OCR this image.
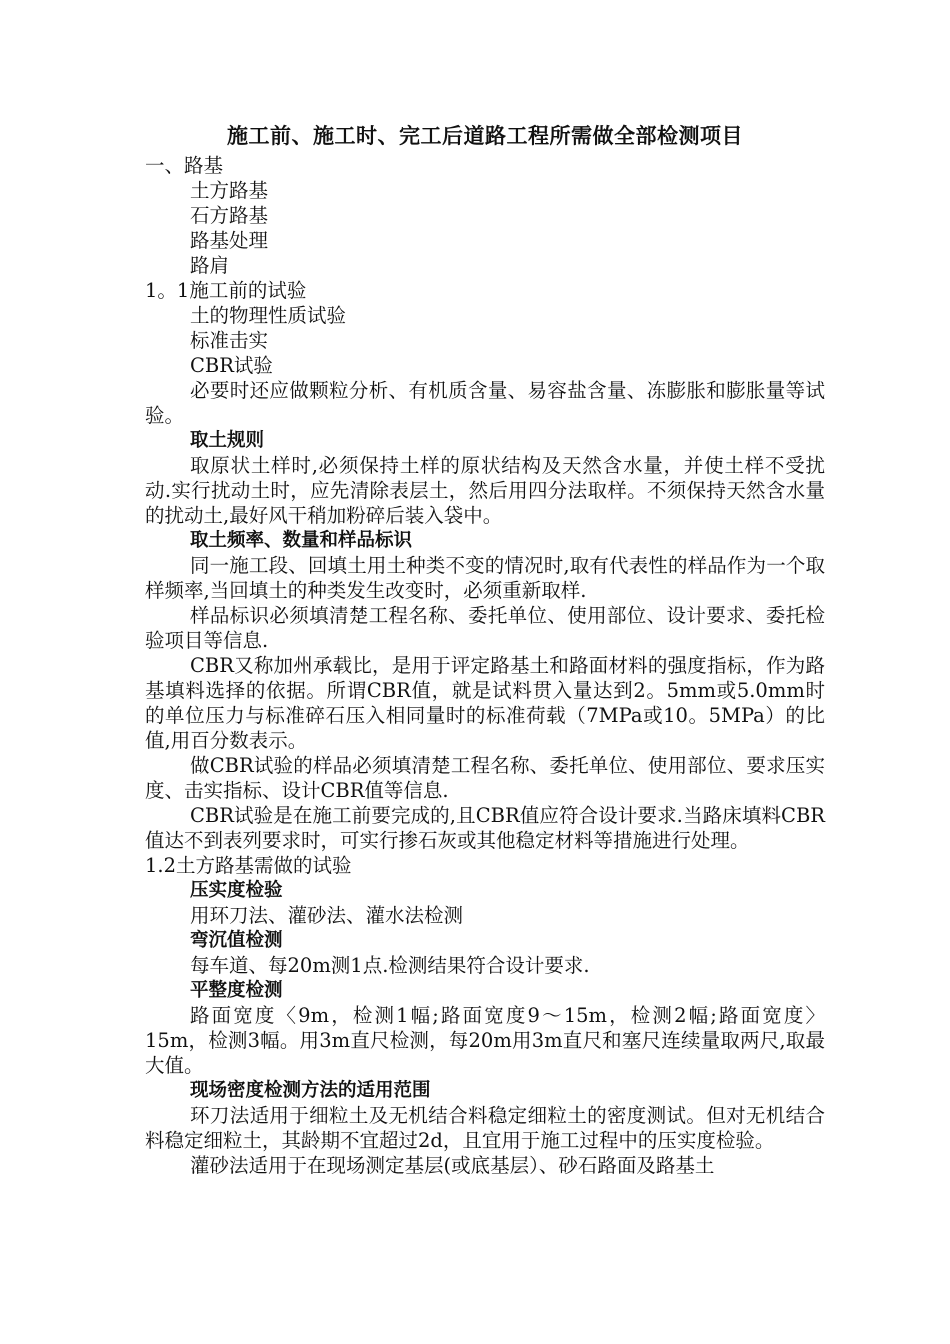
施工前、施工时、完工后道路工程所需做全部检测项目

一、路基

土方路基

石方路基

路基处理

路肩

1。1施工前的试验

土的物理性质试验

标准击实

CBR试验

必要时还应做颗粒分析、有机质含量、易容盐含量、冻膨胀和膨胀量等试验。

取土规则

取原状土样时,必须保持土样的原状结构及天然含水量，并使土样不受扰动.实行扰动土时，应先清除表层土，然后用四分法取样。不须保持天然含水量的扰动土,最好风干稍加粉碎后装入袋中。

取土频率、数量和样品标识

同一施工段、回填土用土种类不变的情况时,取有代表性的样品作为一个取样频率,当回填土的种类发生改变时，必须重新取样.

样品标识必须填清楚工程名称、委托单位、使用部位、设计要求、委托检验项目等信息.

CBR又称加州承载比，是用于评定路基土和路面材料的强度指标，作为路基填料选择的依据。所谓CBR值，就是试料贯入量达到2。5mm或5.0mm时的单位压力与标准碎石压入相同量时的标准荷载（7MPa或10。5MPa）的比值,用百分数表示。

做CBR试验的样品必须填清楚工程名称、委托单位、使用部位、要求压实度、击实指标、设计CBR值等信息.

CBR试验是在施工前要完成的,且CBR值应符合设计要求.当路床填料CBR值达不到表列要求时，可实行掺石灰或其他稳定材料等措施进行处理。

1.2土方路基需做的试验

压实度检验

用环刀法、灌砂法、灌水法检测

弯沉值检测

每车道、每20m测1点.检测结果符合设计要求.

平整度检测

路面宽度〈9m，检测1幅;路面宽度9～15m，检测2幅;路面宽度〉15m，检测3幅。用3m直尺检测，每20m用3m直尺和塞尺连续量取两尺,取最大值。

现场密度检测方法的适用范围

环刀法适用于细粒土及无机结合料稳定细粒土的密度测试。但对无机结合料稳定细粒土，其龄期不宜超过2d，且宜用于施工过程中的压实度检验。

灌砂法适用于在现场测定基层(或底基层）、砂石路面及路基土
